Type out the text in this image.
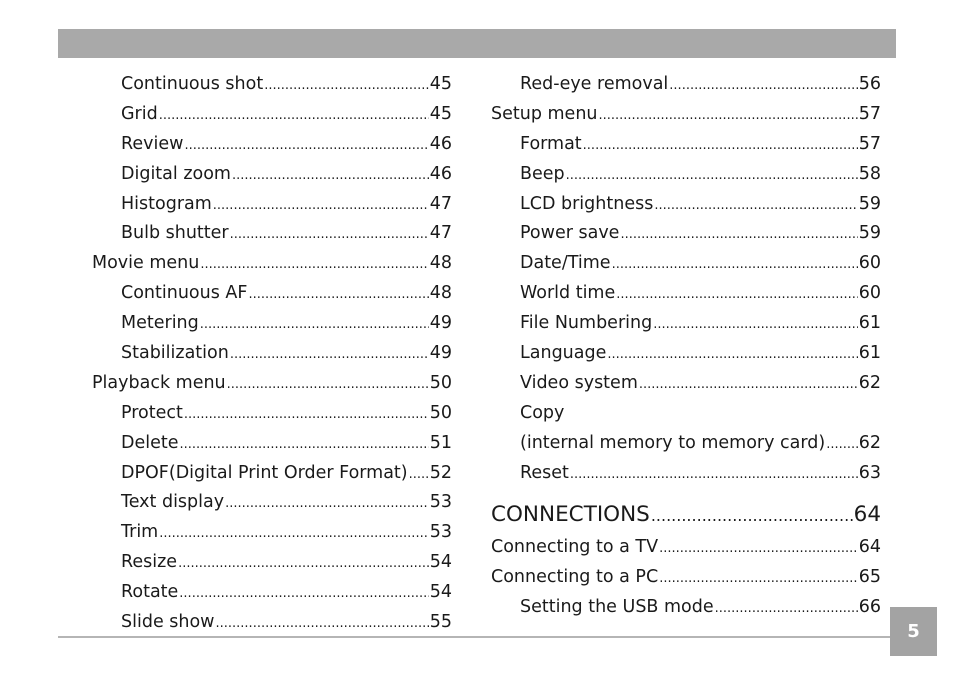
Continuous shot .....	45
Grid .....	45
Review .....	46
Digital zoom .....	46
Histogram .....	47
Bulb shutter .....	47
Movie menu .....	48
Continuous AF .....	48
Metering .....	49
Stabilization .....	49
Playback menu .....	50
Protect .....	50
Delete .....	51
DPOF(Digital Print Order Format) ..... 52
Text display .....	53
Trim .....	53
Resize .....	54
Rotate .....	54
Slide show .....	55
Red-eye removal .....	56
Setup menu .....	57
Format .....	57
Beep .....	58
LCD brightness .....	59
Power save .....	59
Date/Time .....	60
World time .....	60
File Numbering .....	61
Language .....	61
Video system .....	62
Copy
(internal memory to memory card) ..... 62
Reset .....	63
CONNECTIONS .....	64
Connecting to a TV .....	64
Connecting to a PC .....	65
Setting the USB mode .....	66
5
